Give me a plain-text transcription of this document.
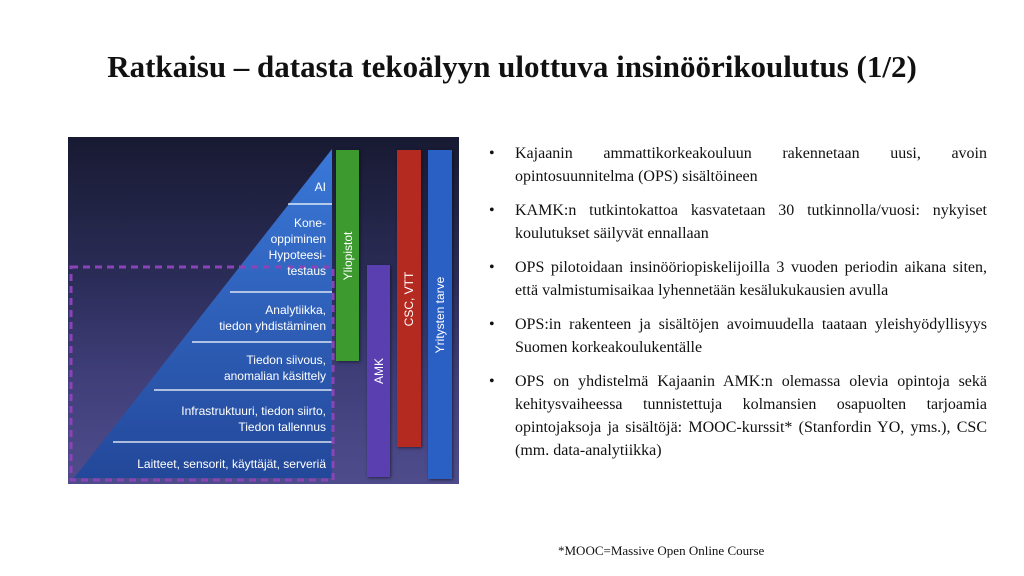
Ratkaisu – datasta tekoälyyn ulottuva insinöörikoulutus (1/2)
AI
Kone-
oppiminen
Hypoteesi-
testaus
Analytiikka,
tiedon yhdistäminen
Tiedon siivous,
anomalian käsittely
Infrastruktuuri, tiedon siirto,
Tiedon tallennus
Laitteet, sensorit, käyttäjät, serveriä
Yliopistot
AMK
CSC, VTT Yritysten tarve
• Kajaanin ammattikorkeakouluun rakennetaan uusi, avoin opintosuunnitelma (OPS) sisältöineen
• KAMK:n tutkintokattoa kasvatetaan 30 tutkinnolla/vuosi: nykyiset koulutukset säilyvät ennallaan
• OPS pilotoidaan insinööriopiskelijoilla 3 vuoden periodin aikana siten, että valmistumisaikaa lyhennetään kesälukukausien avulla
• OPS:in rakenteen ja sisältöjen avoimuudella taataan yleishyödyllisyys Suomen korkeakoulukentälle
• OPS on yhdistelmä Kajaanin AMK:n olemassa olevia opintoja sekä kehitysvaiheessa tunnistettuja kolmansien osapuolten tarjoamia opintojaksoja ja sisältöjä: MOOC-kurssit* (Stanfordin YO, yms.), CSC (mm. data-analytiikka)
*MOOC=Massive Open Online Course
